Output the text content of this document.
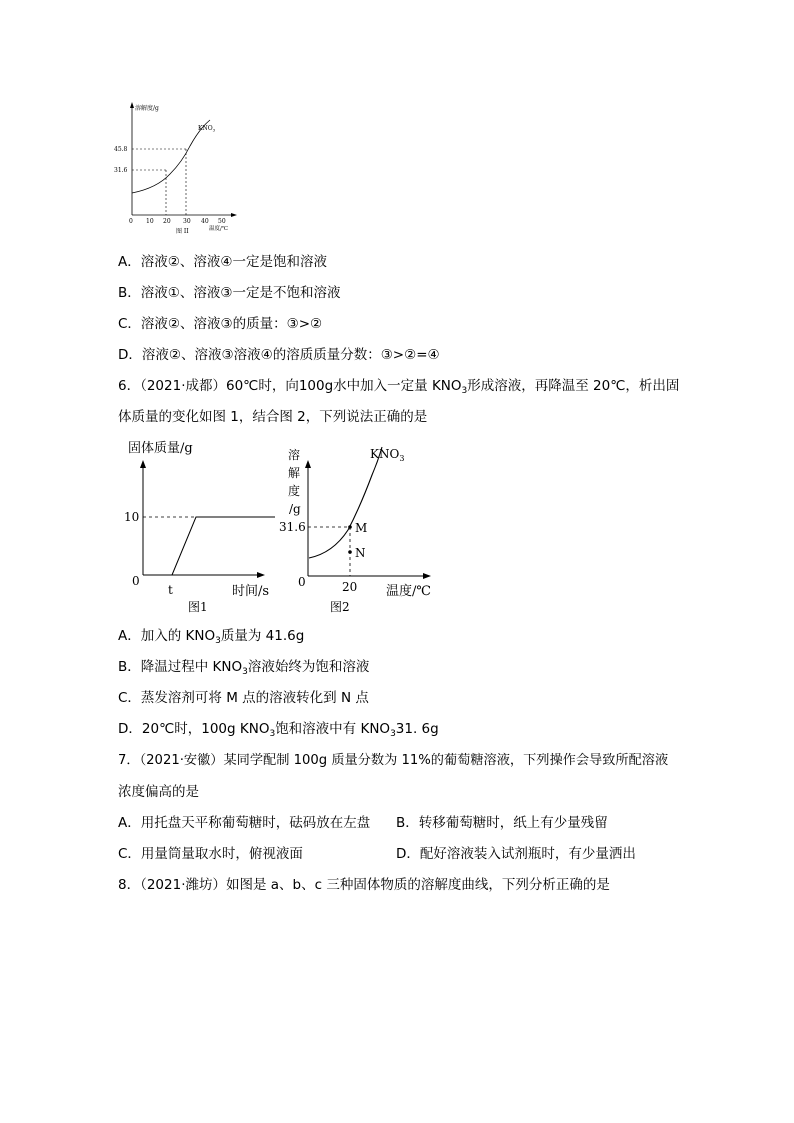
溶解度/g
$KNO_3$
45.8
31.6
0 10 20 30 40 50
温度/℃
图 II
A．溶液②、溶液④一定是饱和溶液
B．溶液①、溶液③一定是不饱和溶液
C．溶液②、溶液③的质量：③>②
D．溶液②、溶液③溶液④的溶质质量分数：③>②=④
6．（2021·成都）60℃时，向100g水中加入一定量 $KNO_3$形成溶液，再降温至 20℃，析出固
体质量的变化如图 1，结合图 2，下列说法正确的是
固体质量/g
10
0
t	时间/s
图1
溶
解
度
/g
$KNO_3$
M
N
31.6
0	20 温度/℃
图2
A．加入的 $KNO_3$质量为 41.6g
B．降温过程中 $KNO_3$溶液始终为饱和溶液
C．蒸发溶剂可将 M 点的溶液转化到 N 点
D．20℃时，100g $KNO_3$饱和溶液中有 $KNO_331$. 6g
7．（2021·安徽）某同学配制 100g 质量分数为 11%的葡萄糖溶液，下列操作会导致所配溶液
浓度偏高的是
A．用托盘天平称葡萄糖时，砝码放在左盘 B．转移葡萄糖时，纸上有少量残留
C．用量筒量取水时，俯视液面	D．配好溶液装入试剂瓶时，有少量洒出
8．（2021·潍坊）如图是 a、b、c 三种固体物质的溶解度曲线，下列分析正确的是
